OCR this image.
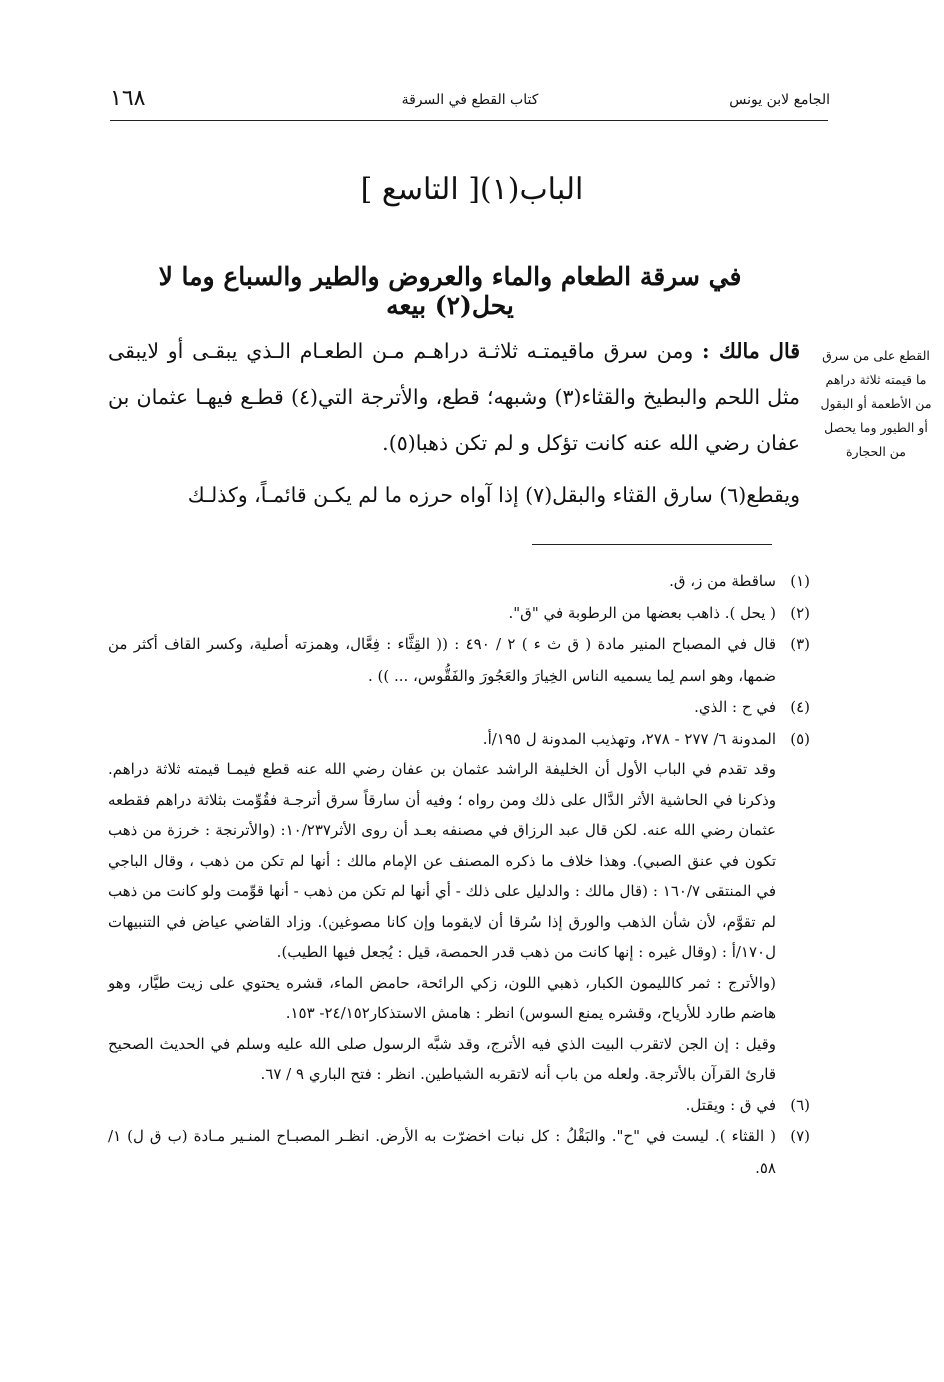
الجامع لابن يونس
كتاب القطع في السرقة
١٦٨
الباب(١)[ التاسع ]
في سرقة الطعام والماء والعروض والطير والسباع وما لا يحل(٢) بيعه

قال مالك : ومن سرق ماقيمتـه ثلاثـة دراهـم مـن الطعـام الـذي يبقـى أو لايبقى مثل اللحم والبطيخ والقثاء(٣) وشبهه؛ قطع، والأترجة التي(٤) قطـع فيهـا عثمان بن عفان رضي الله عنه كانت تؤكل و لم تكن ذهبا(٥).

ويقطع(٦) سارق القثاء والبقل(٧) إذا آواه حرزه ما لم يكـن قائمـاً، وكذلـك

القطع على من سرق ما قيمته ثلاثة دراهم من الأطعمة أو البقول أو الطيور وما يحصل من الحجارة
(١)

ساقطة من ز، ق.

(٢)

( يحل ). ذاهب بعضها من الرطوبة في "ق".

(٣)

قال في المصباح المنير مادة ( ق ث ء ) ٢ / ٤٩٠ : (( القِثَّاء : فِعَّال، وهمزته أصلية، وكسر القاف أكثر من ضمها، وهو اسم لِما يسميه الناس الخِيارَ والعَجُورَ والفَقُّوس، ... )) .

(٤)

في ح : الذي.

(٥)

المدونة ٦/ ٢٧٧ - ٢٧٨، وتهذيب المدونة ل ١٩٥/أ.

وقد تقدم في الباب الأول أن الخليفة الراشد عثمان بن عفان رضي الله عنه قطع فيمـا قيمته ثلاثة دراهم. وذكرنا في الحاشية الأثر الدَّال على ذلك ومن رواه ؛ وفيه أن سارقاً سرق أترجـة فقُوِّمت بثلاثة دراهم فقطعه عثمان رضي الله عنه. لكن قال عبد الرزاق في مصنفه بعـد أن روى الأثر١٠/٢٣٧: (والأترنجة : خرزة من ذهب تكون في عنق الصبي). وهذا خلاف ما ذكره المصنف عن الإمام مالك : أنها لم تكن من ذهب ، وقال الباجي في المنتقى ١٦٠/٧ : (قال مالك : والدليل على ذلك - أي أنها لم تكن من ذهب - أنها قوِّمت ولو كانت من ذهب لم تقوَّم، لأن شأن الذهب والورق إذا سُرقا أن لايقوما وإن كانا مصوغين). وزاد القاضي عياض في التنبيهات ل١٧٠/أ : (وقال غيره : إنها كانت من ذهب قدر الحمصة، قيل : يُجعل فيها الطيب).

(والأترج : ثمر كالليمون الكبار، ذهبي اللون، زكي الرائحة، حامض الماء، قشره يحتوي على زيت طيَّار، وهو هاضم طارد للأرياح، وقشره يمنع السوس) انظر : هامش الاستذكار٢٤/١٥٢- ١٥٣.

وقيل : إن الجن لاتقرب البيت الذي فيه الأترج، وقد شبَّه الرسول صلى الله عليه وسلم في الحديث الصحيح قارئ القرآن بالأترجة. ولعله من باب أنه لاتقربه الشياطين. انظر : فتح الباري ٩ / ٦٧.

(٦)

في ق : ويقتل.

(٧)

( القثاء ). ليست في "ح". والبَقْلُ : كل نبات اخضرّت به الأرض. انظـر المصبـاح المنـير مـادة (ب ق ل) ١/ ٥٨.
